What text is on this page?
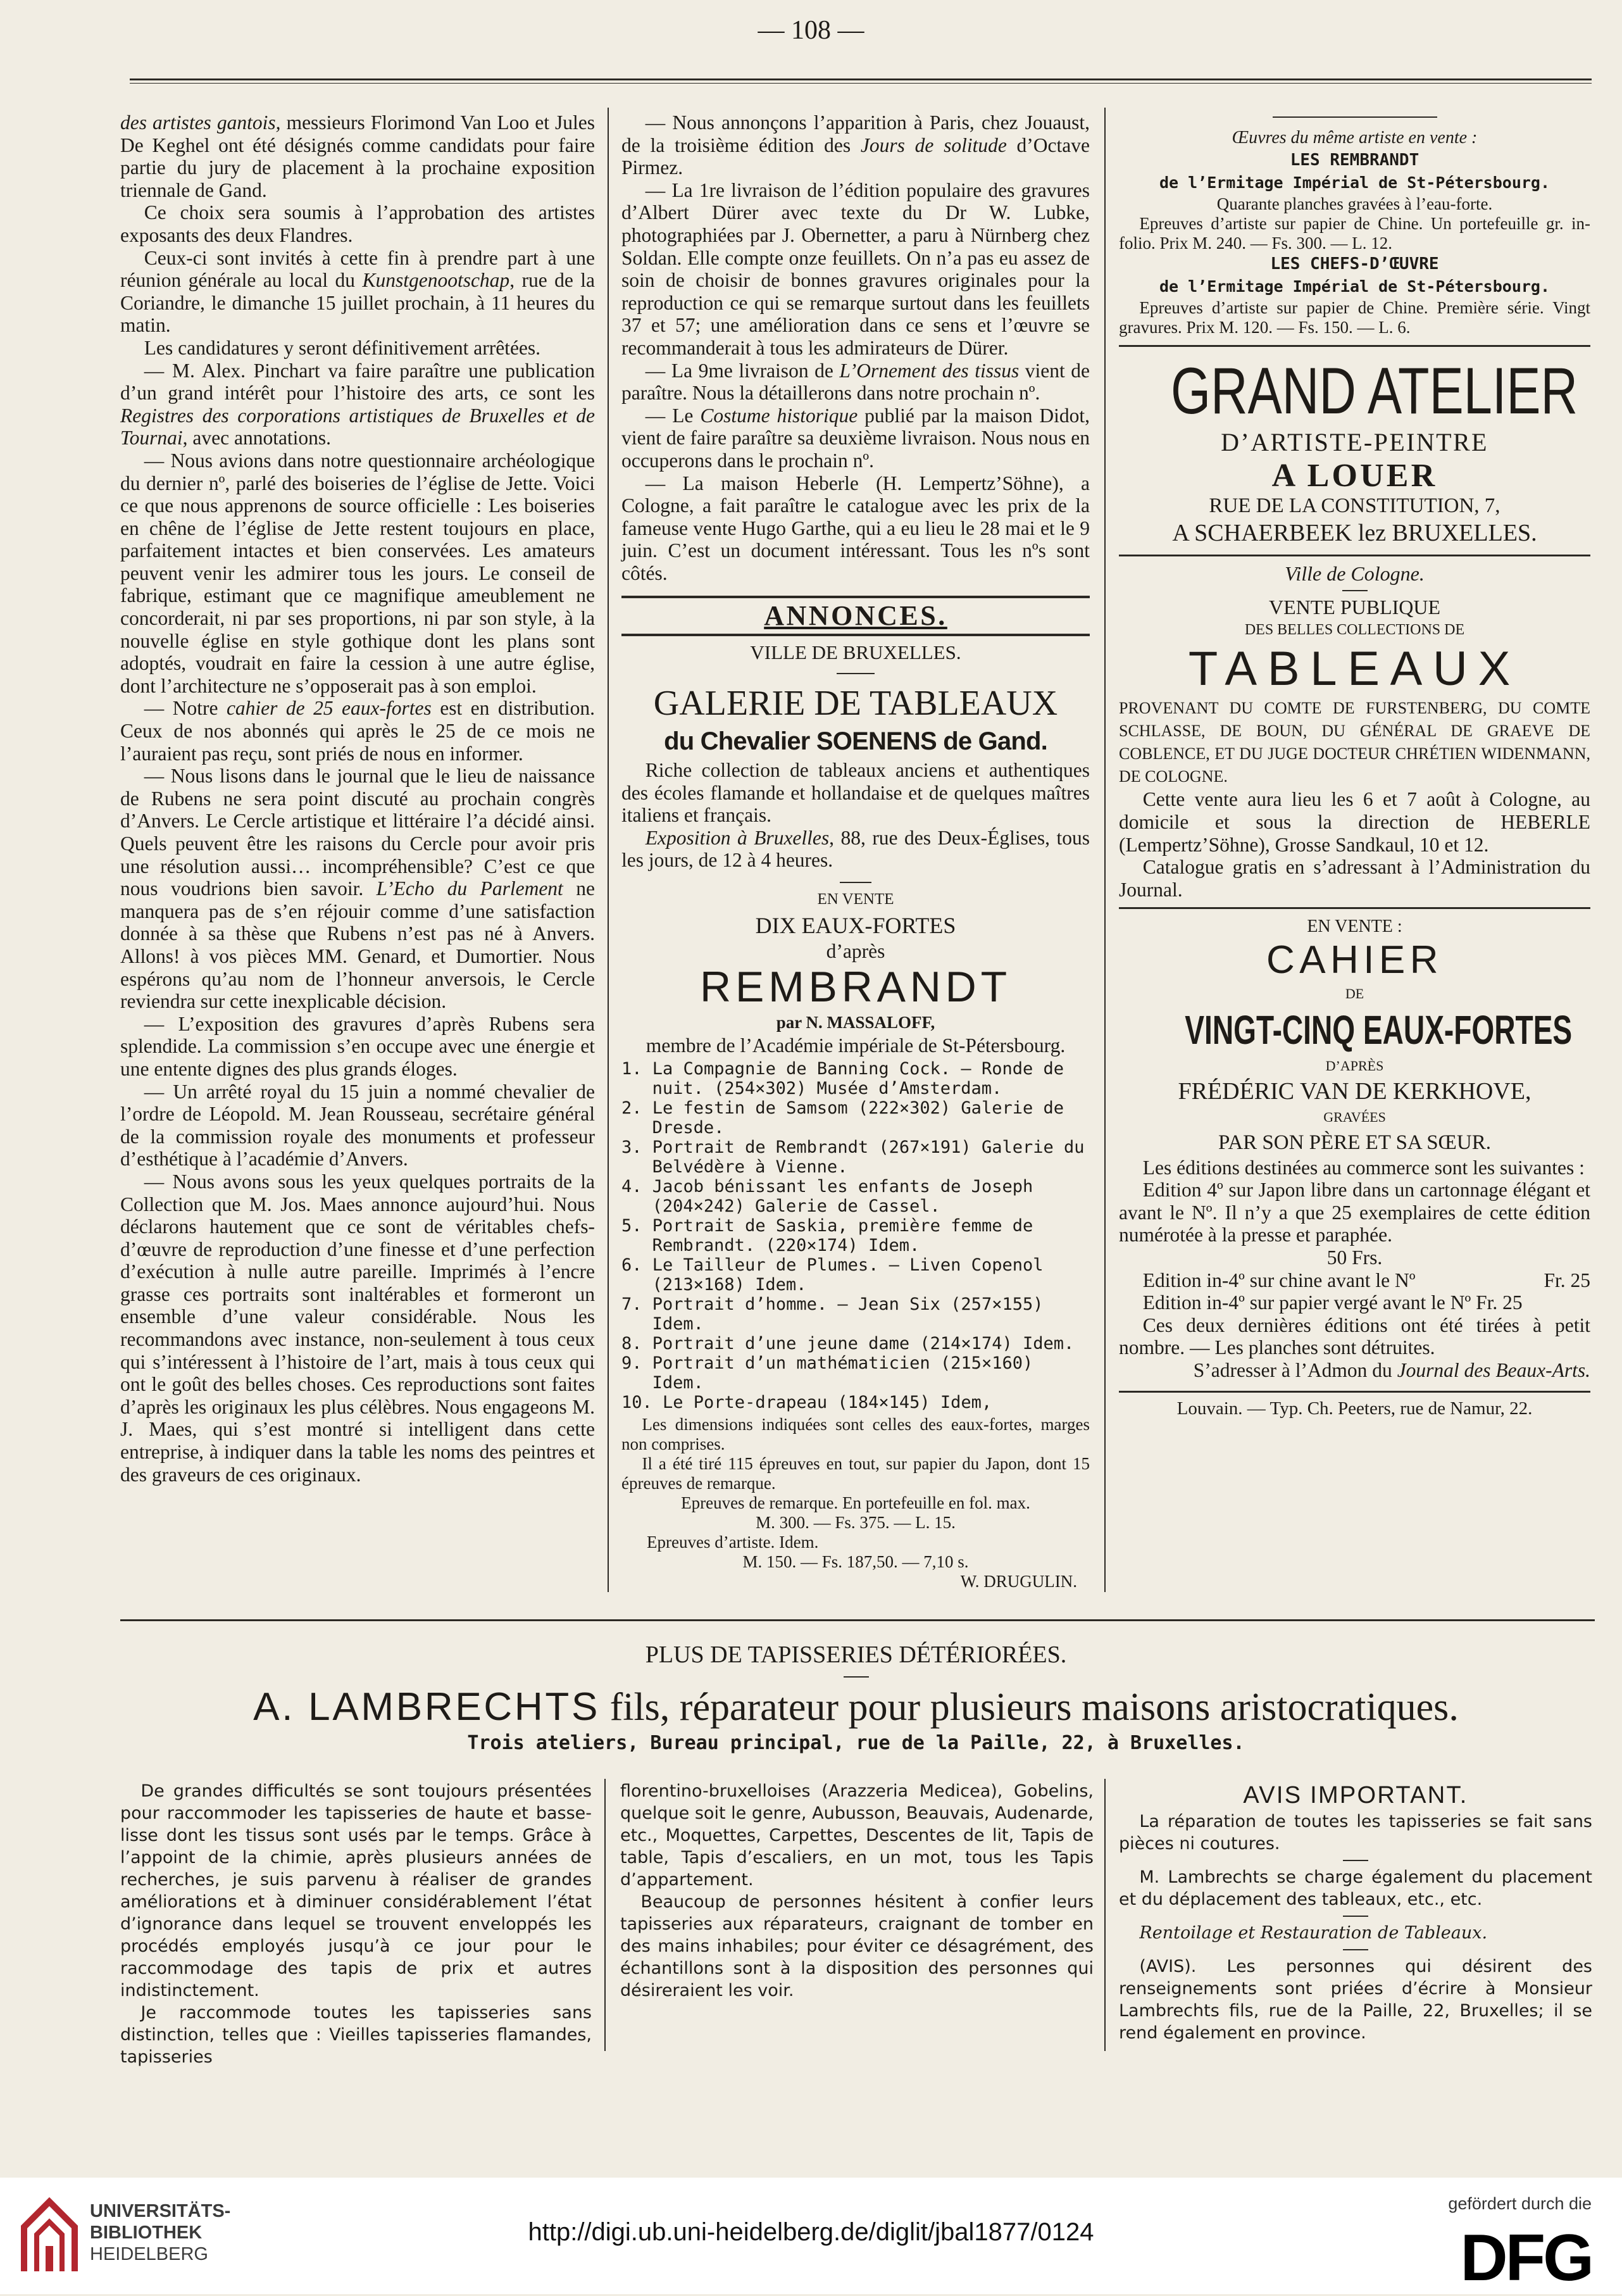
— 108 —

des artistes gantois, messieurs Florimond Van Loo et Jules De Keghel ont été désignés comme candidats pour faire partie du jury de placement à la prochaine exposition triennale de Gand.

Ce choix sera soumis à l’approbation des artistes exposants des deux Flandres.

Ceux-ci sont invités à cette fin à prendre part à une réunion générale au local du Kunstgenootschap, rue de la Coriandre, le dimanche 15 juillet prochain, à 11 heures du matin.

Les candidatures y seront définitivement arrêtées.

— M. Alex. Pinchart va faire paraître une publication d’un grand intérêt pour l’histoire des arts, ce sont les Registres des corporations artistiques de Bruxelles et de Tournai, avec annotations.

— Nous avions dans notre questionnaire archéologique du dernier nº, parlé des boiseries de l’église de Jette. Voici ce que nous apprenons de source officielle : Les boiseries en chêne de l’église de Jette restent toujours en place, parfaitement intactes et bien conservées. Les amateurs peuvent venir les admirer tous les jours. Le conseil de fabrique, estimant que ce magnifique ameublement ne concorderait, ni par ses proportions, ni par son style, à la nouvelle église en style gothique dont les plans sont adoptés, voudrait en faire la cession à une autre église, dont l’architecture ne s’opposerait pas à son emploi.

— Notre cahier de 25 eaux-fortes est en distribution. Ceux de nos abonnés qui après le 25 de ce mois ne l’auraient pas reçu, sont priés de nous en informer.

— Nous lisons dans le journal que le lieu de naissance de Rubens ne sera point discuté au prochain congrès d’Anvers. Le Cercle artistique et littéraire l’a décidé ainsi. Quels peuvent être les raisons du Cercle pour avoir pris une résolution aussi… incompréhensible? C’est ce que nous voudrions bien savoir. L’Echo du Parlement ne manquera pas de s’en réjouir comme d’une satisfaction donnée à sa thèse que Rubens n’est pas né à Anvers. Allons! à vos pièces MM. Genard, et Dumortier. Nous espérons qu’au nom de l’honneur anversois, le Cercle reviendra sur cette inexplicable décision.

— L’exposition des gravures d’après Rubens sera splendide. La commission s’en occupe avec une énergie et une entente dignes des plus grands éloges.

— Un arrêté royal du 15 juin a nommé chevalier de l’ordre de Léopold. M. Jean Rousseau, secrétaire général de la commission royale des monuments et professeur d’esthétique à l’académie d’Anvers.

— Nous avons sous les yeux quelques portraits de la Collection que M. Jos. Maes annonce aujourd’hui. Nous déclarons hautement que ce sont de véritables chefs-d’œuvre de reproduction d’une finesse et d’une perfection d’exécution à nulle autre pareille. Imprimés à l’encre grasse ces portraits sont inaltérables et formeront un ensemble d’une valeur considérable. Nous les recommandons avec instance, non-seulement à tous ceux qui s’intéressent à l’histoire de l’art, mais à tous ceux qui ont le goût des belles choses. Ces reproductions sont faites d’après les originaux les plus célèbres. Nous engageons M. J. Maes, qui s’est montré si intelligent dans cette entreprise, à indiquer dans la table les noms des peintres et des graveurs de ces originaux.

— Nous annonçons l’apparition à Paris, chez Jouaust, de la troisième édition des Jours de solitude d’Octave Pirmez.

— La 1re livraison de l’édition populaire des gravures d’Albert Dürer avec texte du Dr W. Lubke, photographiées par J. Obernetter, a paru à Nürnberg chez Soldan. Elle compte onze feuillets. On n’a pas eu assez de soin de choisir de bonnes gravures originales pour la reproduction ce qui se remarque surtout dans les feuillets 37 et 57; une amélioration dans ce sens et l’œuvre se recommanderait à tous les admirateurs de Dürer.

— La 9me livraison de L’Ornement des tissus vient de paraître. Nous la détaillerons dans notre prochain nº.

— Le Costume historique publié par la maison Didot, vient de faire paraître sa deuxième livraison. Nous nous en occuperons dans le prochain nº.

— La maison Heberle (H. Lempertz’Söhne), a Cologne, a fait paraître le catalogue avec les prix de la fameuse vente Hugo Garthe, qui a eu lieu le 28 mai et le 9 juin. C’est un document intéressant. Tous les nºs sont côtés.

ANNONCES.
VILLE DE BRUXELLES.
GALERIE DE TABLEAUX
du Chevalier SOENENS de Gand.

Riche collection de tableaux anciens et authentiques des écoles flamande et hollandaise et de quelques maîtres italiens et français.

Exposition à Bruxelles, 88, rue des Deux-Églises, tous les jours, de 12 à 4 heures.

EN VENTE
DIX EAUX-FORTES
d’après
REMBRANDT
par N. MASSALOFF,
membre de l’Académie impériale de St-Pétersbourg.
1. La Compagnie de Banning Cock. — Ronde de nuit. (254×302) Musée d’Amsterdam.
2. Le festin de Samsom (222×302) Galerie de Dresde.
3. Portrait de Rembrandt (267×191) Galerie du Belvédère à Vienne.
4. Jacob bénissant les enfants de Joseph (204×242) Galerie de Cassel.
5. Portrait de Saskia, première femme de Rembrandt. (220×174) Idem.
6. Le Tailleur de Plumes. — Liven Copenol (213×168) Idem.
7. Portrait d’homme. — Jean Six (257×155) Idem.
8. Portrait d’une jeune dame (214×174) Idem.
9. Portrait d’un mathématicien (215×160) Idem.
10. Le Porte-drapeau (184×145) Idem,

Les dimensions indiquées sont celles des eaux-fortes, marges non comprises.

Il a été tiré 115 épreuves en tout, sur papier du Japon, dont 15 épreuves de remarque.

Epreuves de remarque. En portefeuille en fol. max.
M. 300. — Fs. 375. — L. 15.
Epreuves d’artiste. Idem.
M. 150. — Fs. 187,50. — 7,10 s.
W. DRUGULIN.
Œuvres du même artiste en vente :
LES REMBRANDT
de l’Ermitage Impérial de St-Pétersbourg.
Quarante planches gravées à l’eau-forte.

Epreuves d’artiste sur papier de Chine. Un portefeuille gr. in-folio. Prix M. 240. — Fs. 300. — L. 12.

LES CHEFS-D’ŒUVRE
de l’Ermitage Impérial de St-Pétersbourg.

Epreuves d’artiste sur papier de Chine. Première série. Vingt gravures. Prix M. 120. — Fs. 150. — L. 6.

GRAND ATELIER
D’ARTISTE-PEINTRE
A LOUER
RUE DE LA CONSTITUTION, 7,
A SCHAERBEEK lez BRUXELLES.
Ville de Cologne.
VENTE PUBLIQUE
DES BELLES COLLECTIONS DE
TABLEAUX

PROVENANT DU COMTE DE FURSTENBERG, DU COMTE SCHLASSE, DE BOUN, DU GÉNÉRAL DE GRAEVE DE COBLENCE, ET DU JUGE DOCTEUR CHRÉTIEN WIDENMANN, DE COLOGNE.

Cette vente aura lieu les 6 et 7 août à Cologne, au domicile et sous la direction de HEBERLE (Lempertz’Söhne), Grosse Sandkaul, 10 et 12.

Catalogue gratis en s’adressant à l’Administration du Journal.

EN VENTE :
CAHIER
DE
VINGT-CINQ EAUX-FORTES
D’APRÈS
FRÉDÉRIC VAN DE KERKHOVE,
GRAVÉES
PAR SON PÈRE ET SA SŒUR.

Les éditions destinées au commerce sont les suivantes :

Edition 4º sur Japon libre dans un cartonnage élégant et avant le Nº. Il n’y a que 25 exemplaires de cette édition numérotée à la presse et paraphée.

50 Frs.

Edition in-4º sur chine avant le Nº	Fr. 25

Edition in-4º sur papier vergé avant le Nº Fr. 25

Ces deux dernières éditions ont été tirées à petit nombre. — Les planches sont détruites.

S’adresser à l’Admon du Journal des Beaux-Arts.

Louvain. — Typ. Ch. Peeters, rue de Namur, 22.
PLUS DE TAPISSERIES DÉTÉRIORÉES.
A. LAMBRECHTS fils, réparateur pour plusieurs maisons aristocratiques.
Trois ateliers, Bureau principal, rue de la Paille, 22, à Bruxelles.

De grandes difficultés se sont toujours présentées pour raccommoder les tapisseries de haute et basse-lisse dont les tissus sont usés par le temps. Grâce à l’appoint de la chimie, après plusieurs années de recherches, je suis parvenu à réaliser de grandes améliorations et à diminuer considérablement l’état d’ignorance dans lequel se trouvent enveloppés les procédés employés jusqu’à ce jour pour le raccommodage des tapis de prix et autres indistinctement.

Je raccommode toutes les tapisseries sans distinction, telles que : Vieilles tapisseries flamandes, tapisseries

florentino-bruxelloises (Arazzeria Medicea), Gobelins, quelque soit le genre, Aubusson, Beauvais, Audenarde, etc., Moquettes, Carpettes, Descentes de lit, Tapis de table, Tapis d’escaliers, en un mot, tous les Tapis d’appartement.

Beaucoup de personnes hésitent à confier leurs tapisseries aux réparateurs, craignant de tomber en des mains inhabiles; pour éviter ce désagrément, des échantillons sont à la disposition des personnes qui désireraient les voir.

AVIS IMPORTANT.

La réparation de toutes les tapisseries se fait sans pièces ni coutures.

M. Lambrechts se charge également du placement et du déplacement des tableaux, etc., etc.

Rentoilage et Restauration de Tableaux.

(AVIS). Les personnes qui désirent des renseignements sont priées d’écrire à Monsieur Lambrechts fils, rue de la Paille, 22, Bruxelles; il se rend également en province.

UNIVERSITÄTS-
BIBLIOTHEK
HEIDELBERG
http://digi.ub.uni-heidelberg.de/diglit/jbal1877/0124
gefördert durch die
DFG
